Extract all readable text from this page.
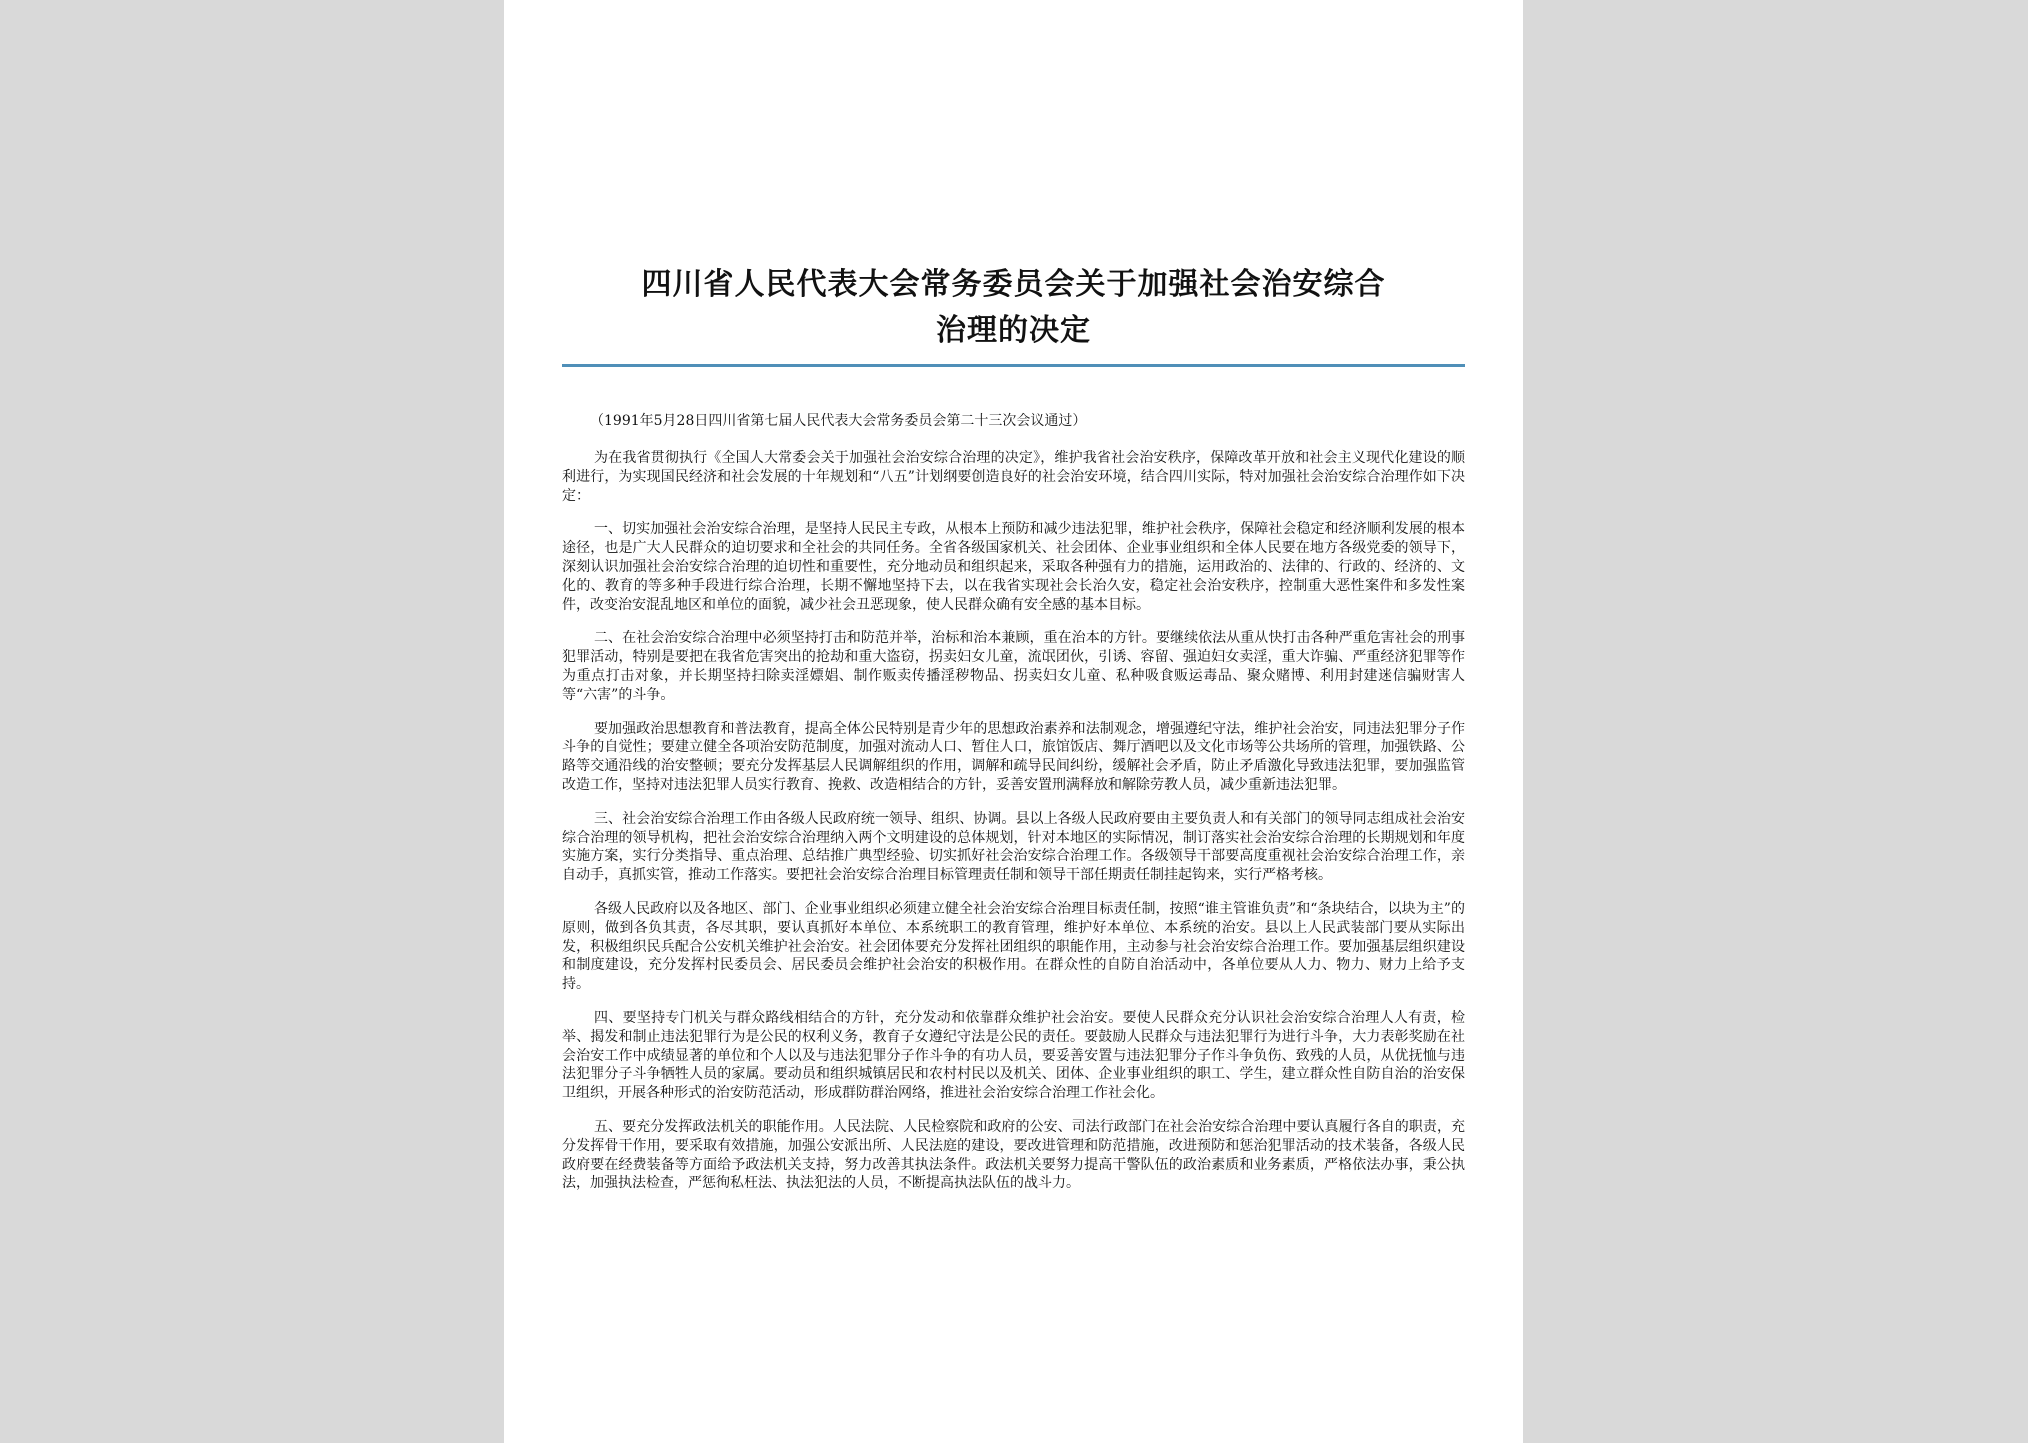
四川省人民代表大会常务委员会关于加强社会治安综合
治理的决定

（1991年5月28日四川省第七届人民代表大会常务委员会第二十三次会议通过）

为在我省贯彻执行《全国人大常委会关于加强社会治安综合治理的决定》，维护我省社会治安秩序，保障改革开放和社会主义现代化建设的顺利进行，为实现国民经济和社会发展的十年规划和“八五”计划纲要创造良好的社会治安环境，结合四川实际，特对加强社会治安综合治理作如下决定：

一、切实加强社会治安综合治理，是坚持人民民主专政，从根本上预防和减少违法犯罪，维护社会秩序，保障社会稳定和经济顺利发展的根本途径，也是广大人民群众的迫切要求和全社会的共同任务。全省各级国家机关、社会团体、企业事业组织和全体人民要在地方各级党委的领导下，深刻认识加强社会治安综合治理的迫切性和重要性，充分地动员和组织起来，采取各种强有力的措施，运用政治的、法律的、行政的、经济的、文化的、教育的等多种手段进行综合治理，长期不懈地坚持下去，以在我省实现社会长治久安，稳定社会治安秩序，控制重大恶性案件和多发性案件，改变治安混乱地区和单位的面貌，减少社会丑恶现象，使人民群众确有安全感的基本目标。

二、在社会治安综合治理中必须坚持打击和防范并举，治标和治本兼顾，重在治本的方针。要继续依法从重从快打击各种严重危害社会的刑事犯罪活动，特别是要把在我省危害突出的抢劫和重大盗窃，拐卖妇女儿童，流氓团伙，引诱、容留、强迫妇女卖淫，重大诈骗、严重经济犯罪等作为重点打击对象，并长期坚持扫除卖淫嫖娼、制作贩卖传播淫秽物品、拐卖妇女儿童、私种吸食贩运毒品、聚众赌博、利用封建迷信骗财害人等“六害”的斗争。

要加强政治思想教育和普法教育，提高全体公民特别是青少年的思想政治素养和法制观念，增强遵纪守法，维护社会治安，同违法犯罪分子作斗争的自觉性；要建立健全各项治安防范制度，加强对流动人口、暂住人口，旅馆饭店、舞厅酒吧以及文化市场等公共场所的管理，加强铁路、公路等交通沿线的治安整顿；要充分发挥基层人民调解组织的作用，调解和疏导民间纠纷，缓解社会矛盾，防止矛盾激化导致违法犯罪，要加强监管改造工作，坚持对违法犯罪人员实行教育、挽救、改造相结合的方针，妥善安置刑满释放和解除劳教人员，减少重新违法犯罪。

三、社会治安综合治理工作由各级人民政府统一领导、组织、协调。县以上各级人民政府要由主要负责人和有关部门的领导同志组成社会治安综合治理的领导机构，把社会治安综合治理纳入两个文明建设的总体规划，针对本地区的实际情况，制订落实社会治安综合治理的长期规划和年度实施方案，实行分类指导、重点治理、总结推广典型经验、切实抓好社会治安综合治理工作。各级领导干部要高度重视社会治安综合治理工作，亲自动手，真抓实管，推动工作落实。要把社会治安综合治理目标管理责任制和领导干部任期责任制挂起钩来，实行严格考核。

各级人民政府以及各地区、部门、企业事业组织必须建立健全社会治安综合治理目标责任制，按照“谁主管谁负责”和“条块结合，以块为主”的原则，做到各负其责，各尽其职，要认真抓好本单位、本系统职工的教育管理，维护好本单位、本系统的治安。县以上人民武装部门要从实际出发，积极组织民兵配合公安机关维护社会治安。社会团体要充分发挥社团组织的职能作用，主动参与社会治安综合治理工作。要加强基层组织建设和制度建设，充分发挥村民委员会、居民委员会维护社会治安的积极作用。在群众性的自防自治活动中，各单位要从人力、物力、财力上给予支持。

四、要坚持专门机关与群众路线相结合的方针，充分发动和依靠群众维护社会治安。要使人民群众充分认识社会治安综合治理人人有责，检举、揭发和制止违法犯罪行为是公民的权利义务，教育子女遵纪守法是公民的责任。要鼓励人民群众与违法犯罪行为进行斗争，大力表彰奖励在社会治安工作中成绩显著的单位和个人以及与违法犯罪分子作斗争的有功人员，要妥善安置与违法犯罪分子作斗争负伤、致残的人员，从优抚恤与违法犯罪分子斗争牺牲人员的家属。要动员和组织城镇居民和农村村民以及机关、团体、企业事业组织的职工、学生，建立群众性自防自治的治安保卫组织，开展各种形式的治安防范活动，形成群防群治网络，推进社会治安综合治理工作社会化。

五、要充分发挥政法机关的职能作用。人民法院、人民检察院和政府的公安、司法行政部门在社会治安综合治理中要认真履行各自的职责，充分发挥骨干作用，要采取有效措施，加强公安派出所、人民法庭的建设，要改进管理和防范措施，改进预防和惩治犯罪活动的技术装备，各级人民政府要在经费装备等方面给予政法机关支持，努力改善其执法条件。政法机关要努力提高干警队伍的政治素质和业务素质，严格依法办事，秉公执法，加强执法检查，严惩徇私枉法、执法犯法的人员，不断提高执法队伍的战斗力。
